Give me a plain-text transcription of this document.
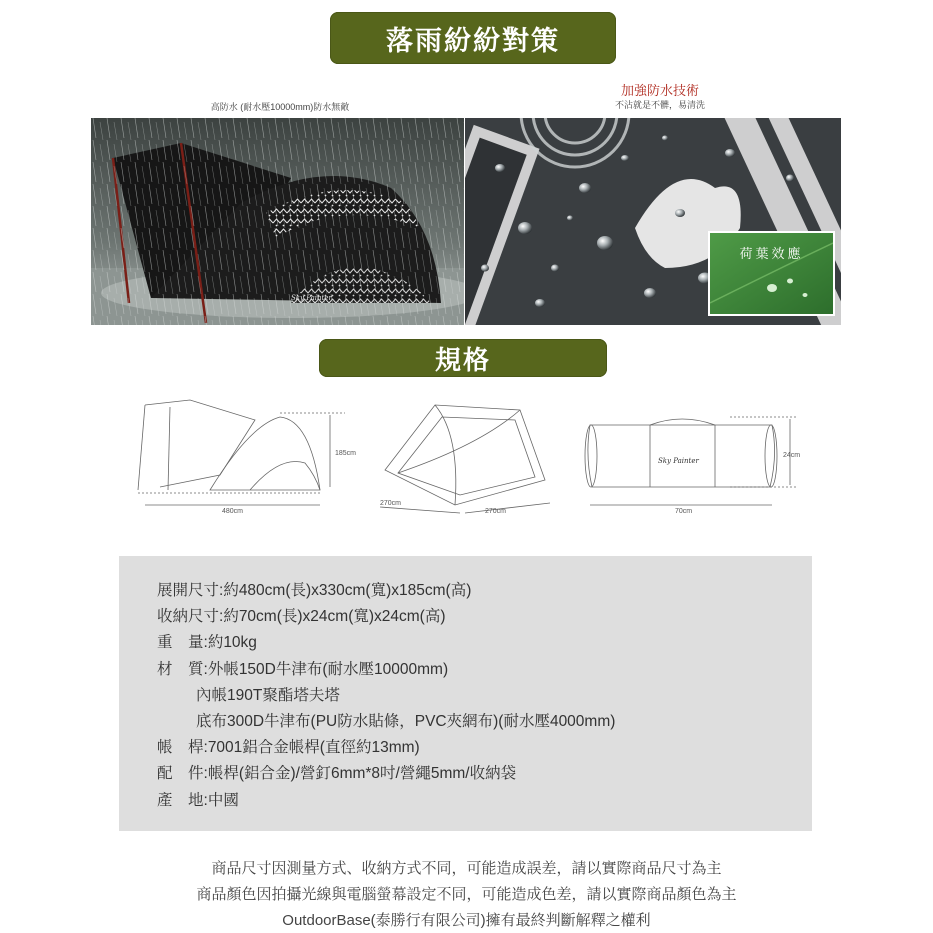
落雨紛紛對策
高防水 (耐水壓10000mm)防水無敵
加強防水技術
不沾就是不髒，易清洗
荷葉效應
規格
Sky Painter
185cm
480cm
270cm
270cm
24cm
70cm
展開尺寸:約480cm(長)x330cm(寬)x185cm(高)
收納尺寸:約70cm(長)x24cm(寬)x24cm(高)
重　量:約10kg
材　質:外帳150D牛津布(耐水壓10000mm)
內帳190T聚酯塔夫塔
底布300D牛津布(PU防水貼條，PVC夾網布)(耐水壓4000mm)
帳　桿:7001鋁合金帳桿(直徑約13mm)
配　件:帳桿(鋁合金)/營釘6mm*8吋/營繩5mm/收納袋
產　地:中國
商品尺寸因測量方式、收納方式不同，可能造成誤差，請以實際商品尺寸為主
商品顏色因拍攝光線與電腦螢幕設定不同，可能造成色差，請以實際商品顏色為主
OutdoorBase(泰勝行有限公司)擁有最終判斷解釋之權利
